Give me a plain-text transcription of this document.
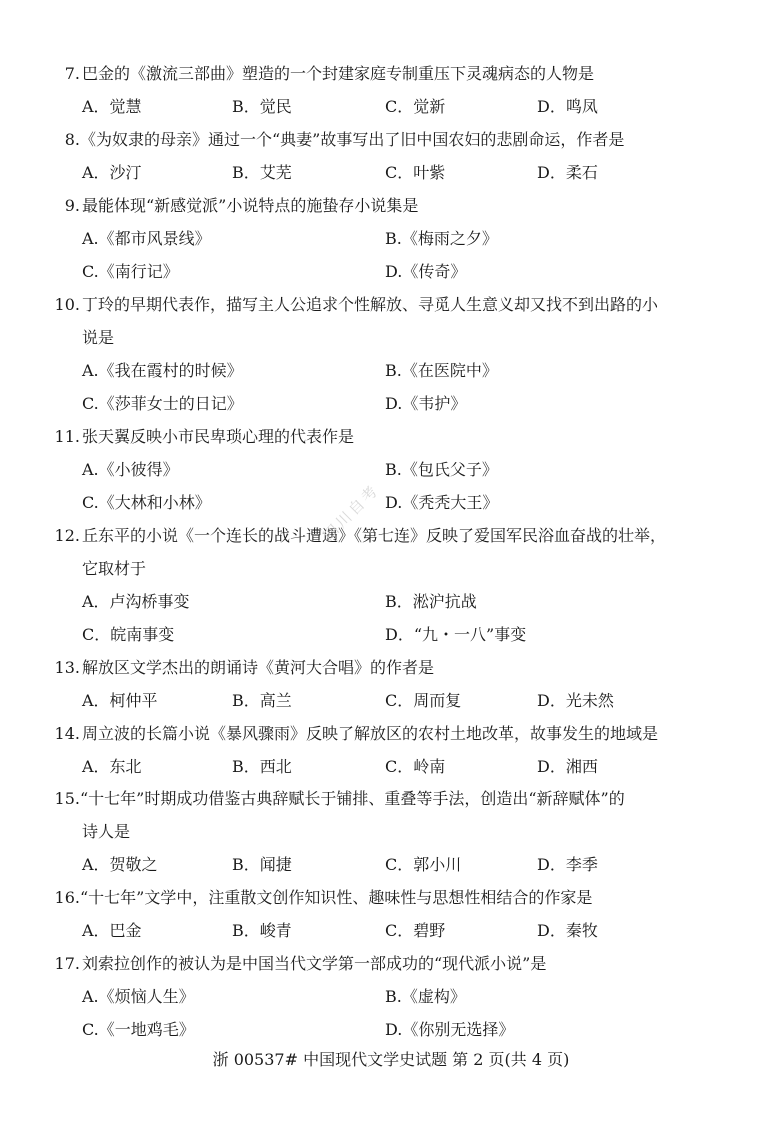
7. 巴金的《激流三部曲》塑造的一个封建家庭专制重压下灵魂病态的人物是
A．觉慧	B．觉民	C．觉新	D．鸣凤
8. 《为奴隶的母亲》通过一个“典妻”故事写出了旧中国农妇的悲剧命运，作者是
A．沙汀	B．艾芜	C．叶紫	D．柔石
9. 最能体现“新感觉派”小说特点的施蛰存小说集是
A.《都市风景线》	B.《梅雨之夕》
C.《南行记》	D.《传奇》
10. 丁玲的早期代表作，描写主人公追求个性解放、寻觅人生意义却又找不到出路的小
说是
A.《我在霞村的时候》	B.《在医院中》
C.《莎菲女士的日记》	D.《韦护》
11. 张天翼反映小市民卑琐心理的代表作是
A.《小彼得》	B.《包氏父子》
C.《大林和小林》	D.《秃秃大王》
12. 丘东平的小说《一个连长的战斗遭遇》《第七连》反映了爱国军民浴血奋战的壮举，
它取材于
A．卢沟桥事变	B．淞沪抗战
C．皖南事变	D．“九・一八”事变
13. 解放区文学杰出的朗诵诗《黄河大合唱》的作者是
A．柯仲平	B．高兰	C．周而复	D．光未然
14. 周立波的长篇小说《暴风骤雨》反映了解放区的农村土地改革，故事发生的地域是
A．东北	B．西北	C．岭南	D．湘西
15. “十七年”时期成功借鉴古典辞赋长于铺排、重叠等手法，创造出“新辞赋体”的
诗人是
A．贺敬之	B．闻捷	C．郭小川	D．李季
16. “十七年”文学中，注重散文创作知识性、趣味性与思想性相结合的作家是
A．巴金	B．峻青	C．碧野	D．秦牧
17. 刘索拉创作的被认为是中国当代文学第一部成功的“现代派小说”是
A.《烦恼人生》	B.《虚构》
C.《一地鸡毛》	D.《你别无选择》
四川自考
浙 00537# 中国现代文学史试题 第 2 页(共 4 页)
